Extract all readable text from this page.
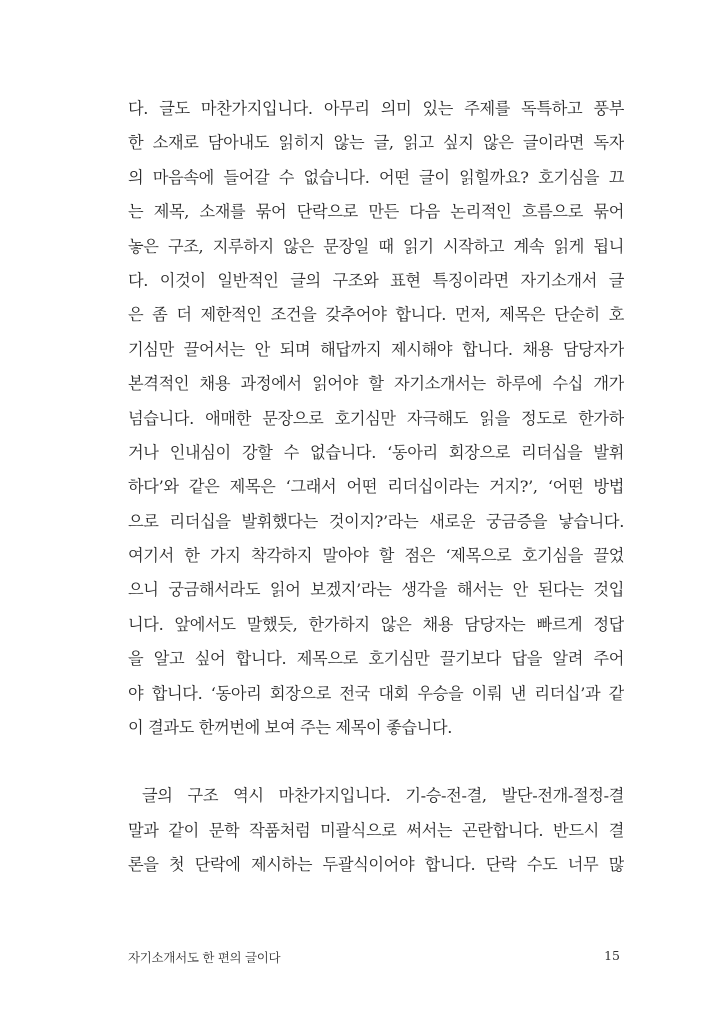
다. 글도 마찬가지입니다. 아무리 의미 있는 주제를 독특하고 풍부
한 소재로 담아내도 읽히지 않는 글, 읽고 싶지 않은 글이라면 독자
의 마음속에 들어갈 수 없습니다. 어떤 글이 읽힐까요? 호기심을 끄
는 제목, 소재를 묶어 단락으로 만든 다음 논리적인 흐름으로 묶어
놓은 구조, 지루하지 않은 문장일 때 읽기 시작하고 계속 읽게 됩니
다. 이것이 일반적인 글의 구조와 표현 특징이라면 자기소개서 글
은 좀 더 제한적인 조건을 갖추어야 합니다. 먼저, 제목은 단순히 호
기심만 끌어서는 안 되며 해답까지 제시해야 합니다. 채용 담당자가
본격적인 채용 과정에서 읽어야 할 자기소개서는 하루에 수십 개가
넘습니다. 애매한 문장으로 호기심만 자극해도 읽을 정도로 한가하
거나 인내심이 강할 수 없습니다. ‘동아리 회장으로 리더십을 발휘
하다’와 같은 제목은 ‘그래서 어떤 리더십이라는 거지?’, ‘어떤 방법
으로 리더십을 발휘했다는 것이지?’라는 새로운 궁금증을 낳습니다.
여기서 한 가지 착각하지 말아야 할 점은 ‘제목으로 호기심을 끌었
으니 궁금해서라도 읽어 보겠지’라는 생각을 해서는 안 된다는 것입
니다. 앞에서도 말했듯, 한가하지 않은 채용 담당자는 빠르게 정답
을 알고 싶어 합니다. 제목으로 호기심만 끌기보다 답을 알려 주어
야 합니다. ‘동아리 회장으로 전국 대회 우승을 이뤄 낸 리더십’과 같
이 결과도 한꺼번에 보여 주는 제목이 좋습니다.
글의 구조 역시 마찬가지입니다. 기-승-전-결, 발단-전개-절정-결
말과 같이 문학 작품처럼 미괄식으로 써서는 곤란합니다. 반드시 결
론을 첫 단락에 제시하는 두괄식이어야 합니다. 단락 수도 너무 많
자기소개서도 한 편의 글이다	15
